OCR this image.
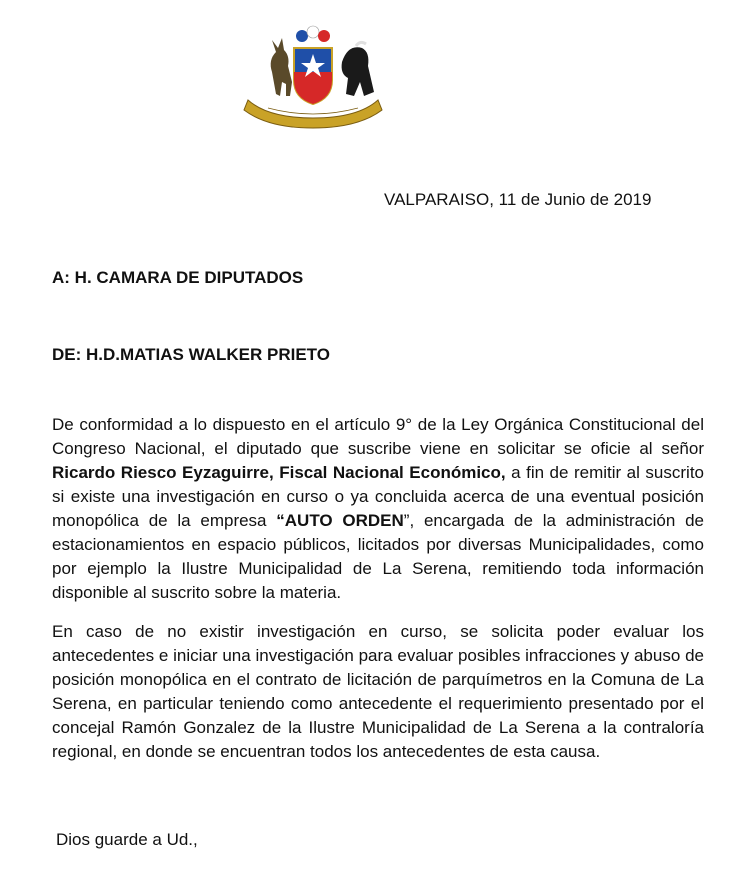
VALPARAISO, 11 de Junio de 2019
A: H. CAMARA DE DIPUTADOS
DE: H.D.MATIAS WALKER PRIETO

De conformidad a lo dispuesto en el artículo 9° de la Ley Orgánica Constitucional del Congreso Nacional, el diputado que suscribe viene en solicitar se oficie al señor Ricardo Riesco Eyzaguirre, Fiscal Nacional Económico, a fin de remitir al suscrito si existe una investigación en curso o ya concluida acerca de una eventual posición monopólica de la empresa “AUTO ORDEN”, encargada de la administración de estacionamientos en espacio públicos, licitados por diversas Municipalidades, como por ejemplo la Ilustre Municipalidad de La Serena, remitiendo toda información disponible al suscrito sobre la materia.

En caso de no existir investigación en curso, se solicita poder evaluar los antecedentes e iniciar una investigación para evaluar posibles infracciones y abuso de posición monopólica en el contrato de licitación de parquímetros en la Comuna de La Serena, en particular teniendo como antecedente el requerimiento presentado por el concejal Ramón Gonzalez de la Ilustre Municipalidad de La Serena a la contraloría regional, en donde se encuentran todos los antecedentes de esta causa.

Dios guarde a Ud.,
